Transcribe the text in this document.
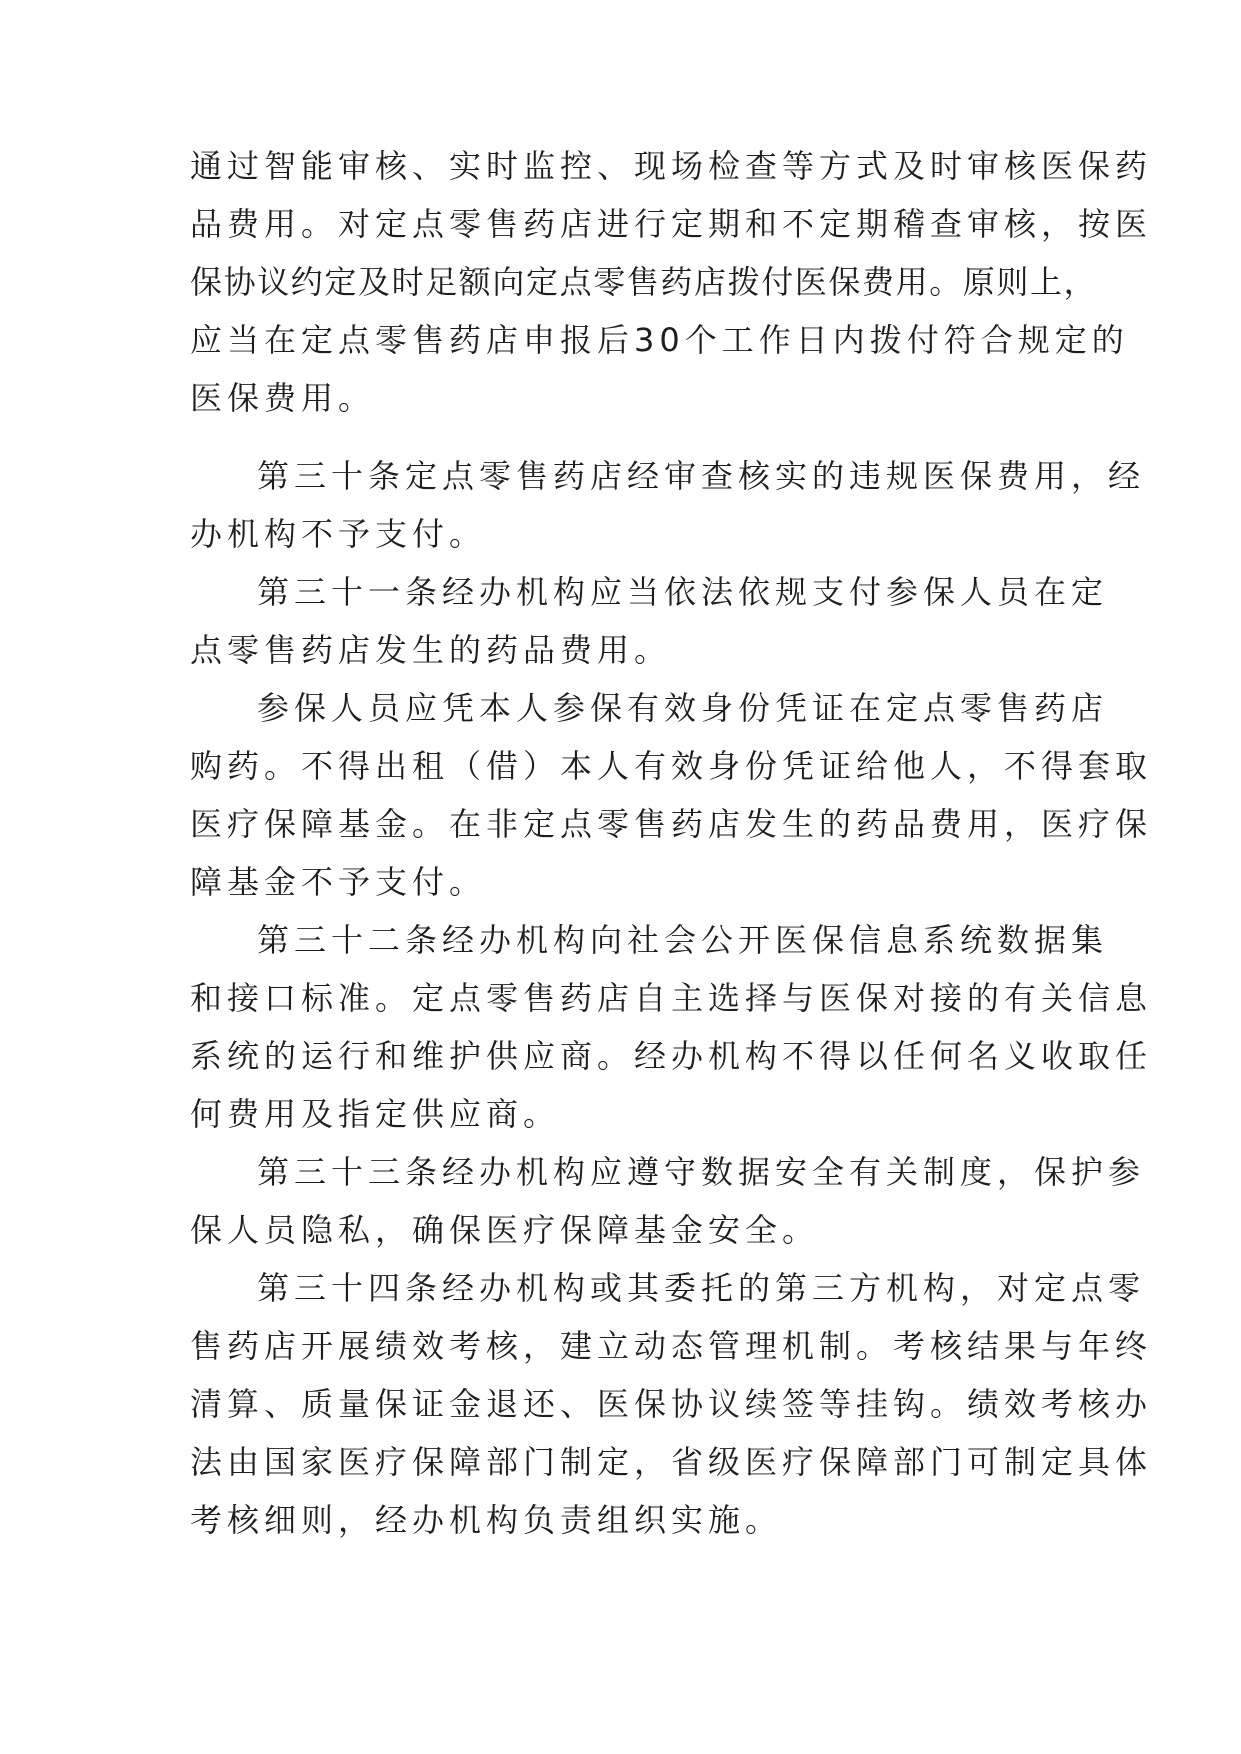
通过智能审核、实时监控、现场检查等方式及时审核医保药
品费用。对定点零售药店进行定期和不定期稽查审核，按医
保协议约定及时足额向定点零售药店拨付医保费用。原则上，
应当在定点零售药店申报后30个工作日内拨付符合规定的
医保费用。
第三十条定点零售药店经审查核实的违规医保费用，经
办机构不予支付。
第三十一条经办机构应当依法依规支付参保人员在定
点零售药店发生的药品费用。
参保人员应凭本人参保有效身份凭证在定点零售药店
购药。不得出租（借）本人有效身份凭证给他人，不得套取
医疗保障基金。在非定点零售药店发生的药品费用，医疗保
障基金不予支付。
第三十二条经办机构向社会公开医保信息系统数据集
和接口标准。定点零售药店自主选择与医保对接的有关信息
系统的运行和维护供应商。经办机构不得以任何名义收取任
何费用及指定供应商。
第三十三条经办机构应遵守数据安全有关制度，保护参
保人员隐私，确保医疗保障基金安全。
第三十四条经办机构或其委托的第三方机构，对定点零
售药店开展绩效考核，建立动态管理机制。考核结果与年终
清算、质量保证金退还、医保协议续签等挂钩。绩效考核办
法由国家医疗保障部门制定，省级医疗保障部门可制定具体
考核细则，经办机构负责组织实施。
